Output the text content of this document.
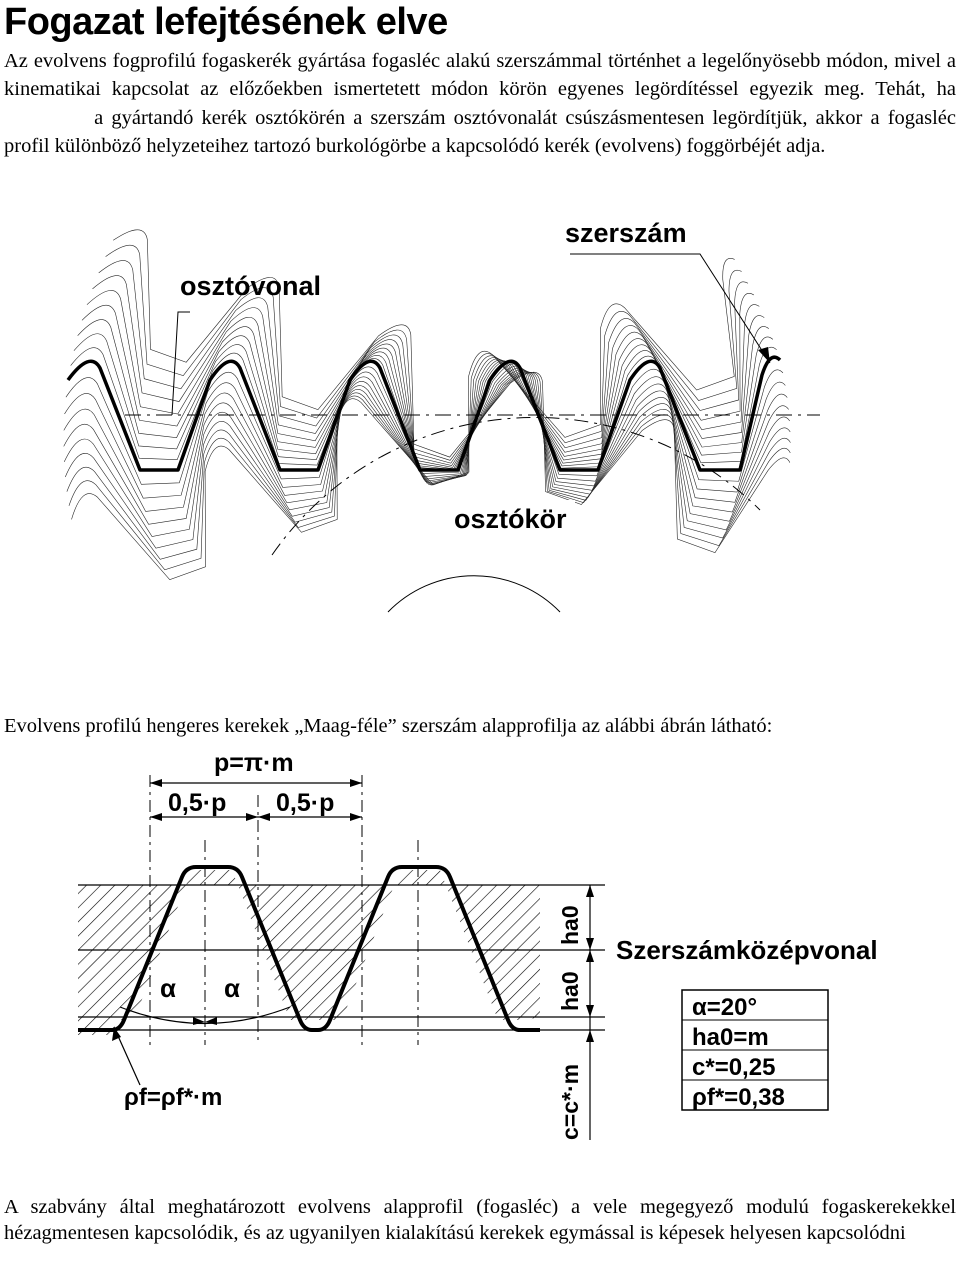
Fogazat lefejtésének elve
Az evolvens fogprofilú fogaskerék gyártása fogasléc alakú szerszámmal történhet a legelőnyösebb módon, mivel a kinematikai kapcsolat az előzőekben ismertetett módon körön egyenes legördítéssel egyezik meg. Tehát, ha  a gyártandó kerék osztókörén a szerszám osztóvonalát csúszásmentesen legördítjük, akkor a fogasléc profil különböző helyzeteihez tartozó burkológörbe a kapcsolódó kerék (evolvens) foggörbéjét adja.
osztóvonal
szerszám
osztókör
Evolvens profilú hengeres kerekek „Maag-féle” szerszám alapprofilja az alábbi ábrán látható:
p=π·m
0,5·p 0,5·p
α α
ha0
ha0
c=c*·m
Szerszámközépvonal
ρf=ρf*·m
α=20°
ha0=m
c*=0,25
ρf*=0,38
A szabvány által meghatározott evolvens alapprofil (fogasléc) a vele megegyező modulú fogaskerekekkel hézagmentesen kapcsolódik, és az ugyanilyen kialakítású kerekek egymással is képesek helyesen kapcsolódni
